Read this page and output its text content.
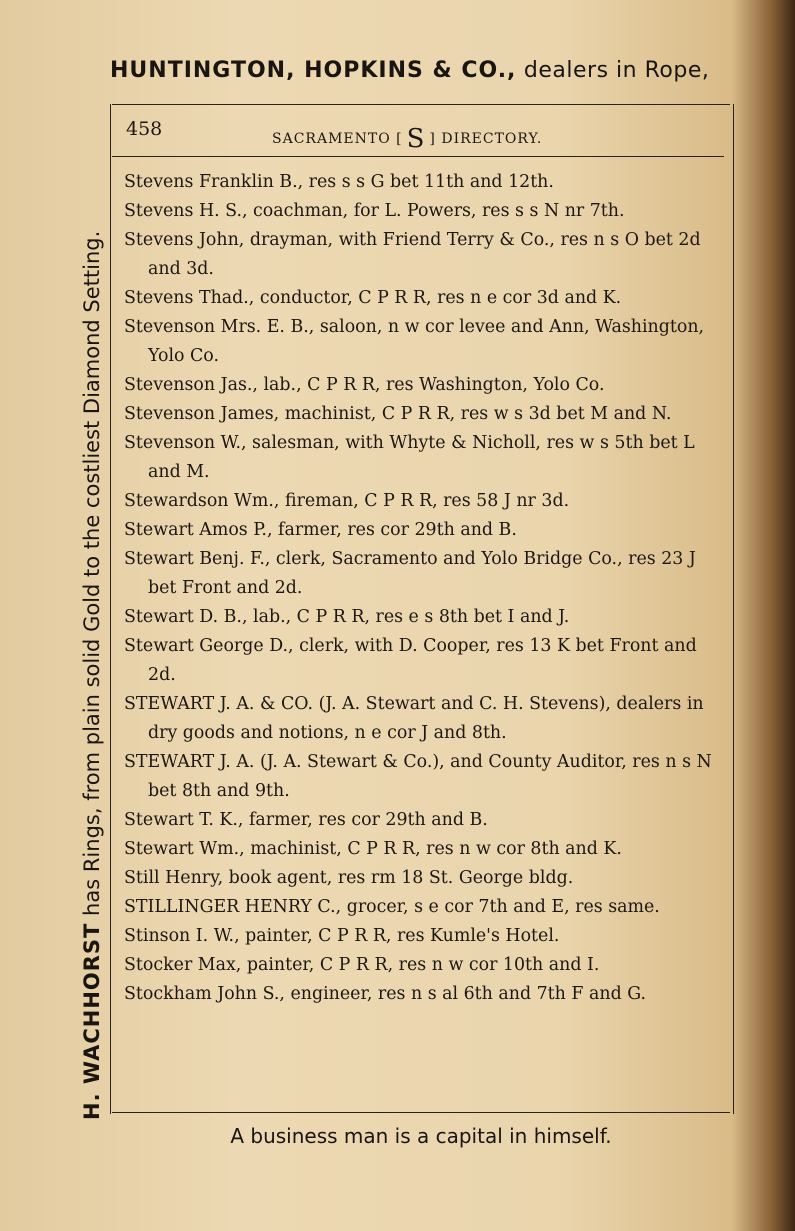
HUNTINGTON, HOPKINS & CO., dealers in Rope,
H. WACHHORST has Rings, from plain solid Gold to the costliest Diamond Setting.
458	SACRAMENTO [ S ] DIRECTORY.
Stevens Franklin B., res s s G bet 11th and 12th.
Stevens H. S., coachman, for L. Powers, res s s N nr 7th.
Stevens John, drayman, with Friend Terry & Co., res n s O bet 2d and 3d.
Stevens Thad., conductor, C P R R, res n e cor 3d and K.
Stevenson Mrs. E. B., saloon, n w cor levee and Ann, Washington, Yolo Co.
Stevenson Jas., lab., C P R R, res Washington, Yolo Co.
Stevenson James, machinist, C P R R, res w s 3d bet M and N.
Stevenson W., salesman, with Whyte & Nicholl, res w s 5th bet L and M.
Stewardson Wm., fireman, C P R R, res 58 J nr 3d.
Stewart Amos P., farmer, res cor 29th and B.
Stewart Benj. F., clerk, Sacramento and Yolo Bridge Co., res 23 J bet Front and 2d.
Stewart D. B., lab., C P R R, res e s 8th bet I and J.
Stewart George D., clerk, with D. Cooper, res 13 K bet Front and 2d.
STEWART J. A. & CO. (J. A. Stewart and C. H. Stevens), dealers in dry goods and notions, n e cor J and 8th.
STEWART J. A. (J. A. Stewart & Co.), and County Auditor, res n s N bet 8th and 9th.
Stewart T. K., farmer, res cor 29th and B.
Stewart Wm., machinist, C P R R, res n w cor 8th and K.
Still Henry, book agent, res rm 18 St. George bldg.
STILLINGER HENRY C., grocer, s e cor 7th and E, res same.
Stinson I. W., painter, C P R R, res Kumle's Hotel.
Stocker Max, painter, C P R R, res n w cor 10th and I.
Stockham John S., engineer, res n s al 6th and 7th F and G.
A business man is a capital in himself.
